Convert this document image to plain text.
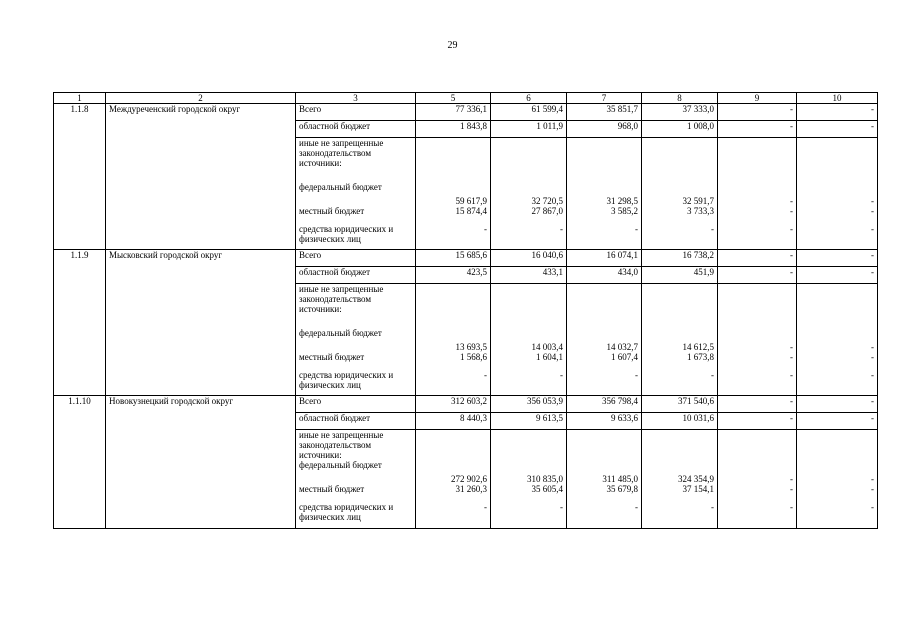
29
1	2	3	5	6	7	8	9	10
1.1.8	Междуреченский городской округ	Всего	77 336,1	61 599,4	35 851,7	37 333,0	-	-
		областной бюджет	1 843,8	1 011,9	968,0	1 008,0	-	-
		иные не запрещенные законодательством источники:						
		федеральный бюджет	59 617,9	32 720,5	31 298,5	32 591,7	-	-
		местный бюджет	15 874,4	27 867,0	3 585,2	3 733,3	-	-
		средства юридических и физических лиц	-	-	-	-	-	-
1.1.9	Мысковский городской округ	Всего	15 685,6	16 040,6	16 074,1	16 738,2	-	-
		областной бюджет	423,5	433,1	434,0	451,9	-	-
		иные не запрещенные законодательством источники:						
		федеральный бюджет	13 693,5	14 003,4	14 032,7	14 612,5	-	-
		местный бюджет	1 568,6	1 604,1	1 607,4	1 673,8	-	-
		средства юридических и физических лиц	-	-	-	-	-	-
1.1.10	Новокузнецкий городской округ	Всего	312 603,2	356 053,9	356 798,4	371 540,6	-	-
		областной бюджет	8 440,3	9 613,5	9 633,6	10 031,6	-	-
		иные не запрещенные законодательством источники:						
		федеральный бюджет	272 902,6	310 835,0	311 485,0	324 354,9	-	-
		местный бюджет	31 260,3	35 605,4	35 679,8	37 154,1	-	-
		средства юридических и физических лиц	-	-	-	-	-	-
